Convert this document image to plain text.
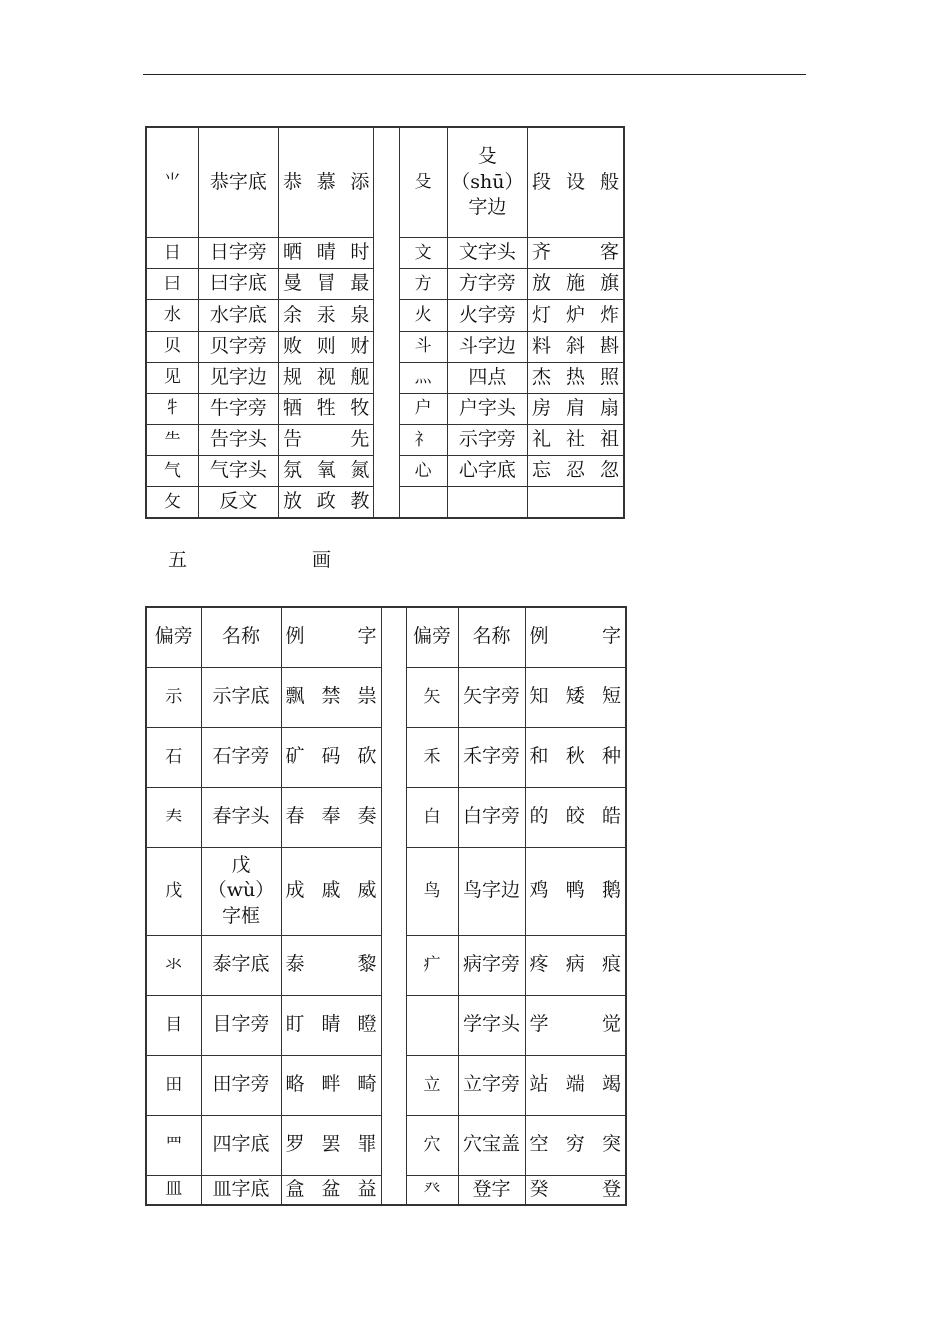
⺌	恭字底	恭 慕 添		殳	殳（shū）字边	段 设 般
日	日字旁	晒 晴 时		文	文字头	齐 客
曰	曰字底	曼 冒 最		方	方字旁	放 施 旗
水	水字底	余 汞 泉		火	火字旁	灯 炉 炸
贝	贝字旁	败 则 财		斗	斗字边	料 斜 斟
见	见字边	规 视 舰		灬	四点	杰 热 照
牜	牛字旁	牺 牲 牧		户	户字头	房 肩 扇
⺧	告字头	告 先		礻	示字旁	礼 社 祖
气	气字头	氛 氧 氮		心	心字底	忘 忍 忽
攵	反文	放 政 教				
五	画
偏旁	名称	例　字		偏旁	名称	例　字
示	示字底	飘 禁 祟		矢	矢字旁	知 矮 短
石	石字旁	矿 码 砍		禾	禾字旁	和 秋 种
𡗗	春字头	春 奉 奏		白	白字旁	的 皎 皓
戊	戊（wù）字框	成 戚 威		鸟	鸟字边	鸡 鸭 鹅
氺	泰字底	泰 黎		疒	病字旁	疼 病 痕
目	目字旁	盯 睛 瞪			学字头	学 觉
田	田字旁	略 畔 畸		立	立字旁	站 端 竭
罒	四字底	罗 罢 罪		穴	穴宝盖	空 穷 突
皿	皿字底	盒 盆 益		癶	登字	癸 登
